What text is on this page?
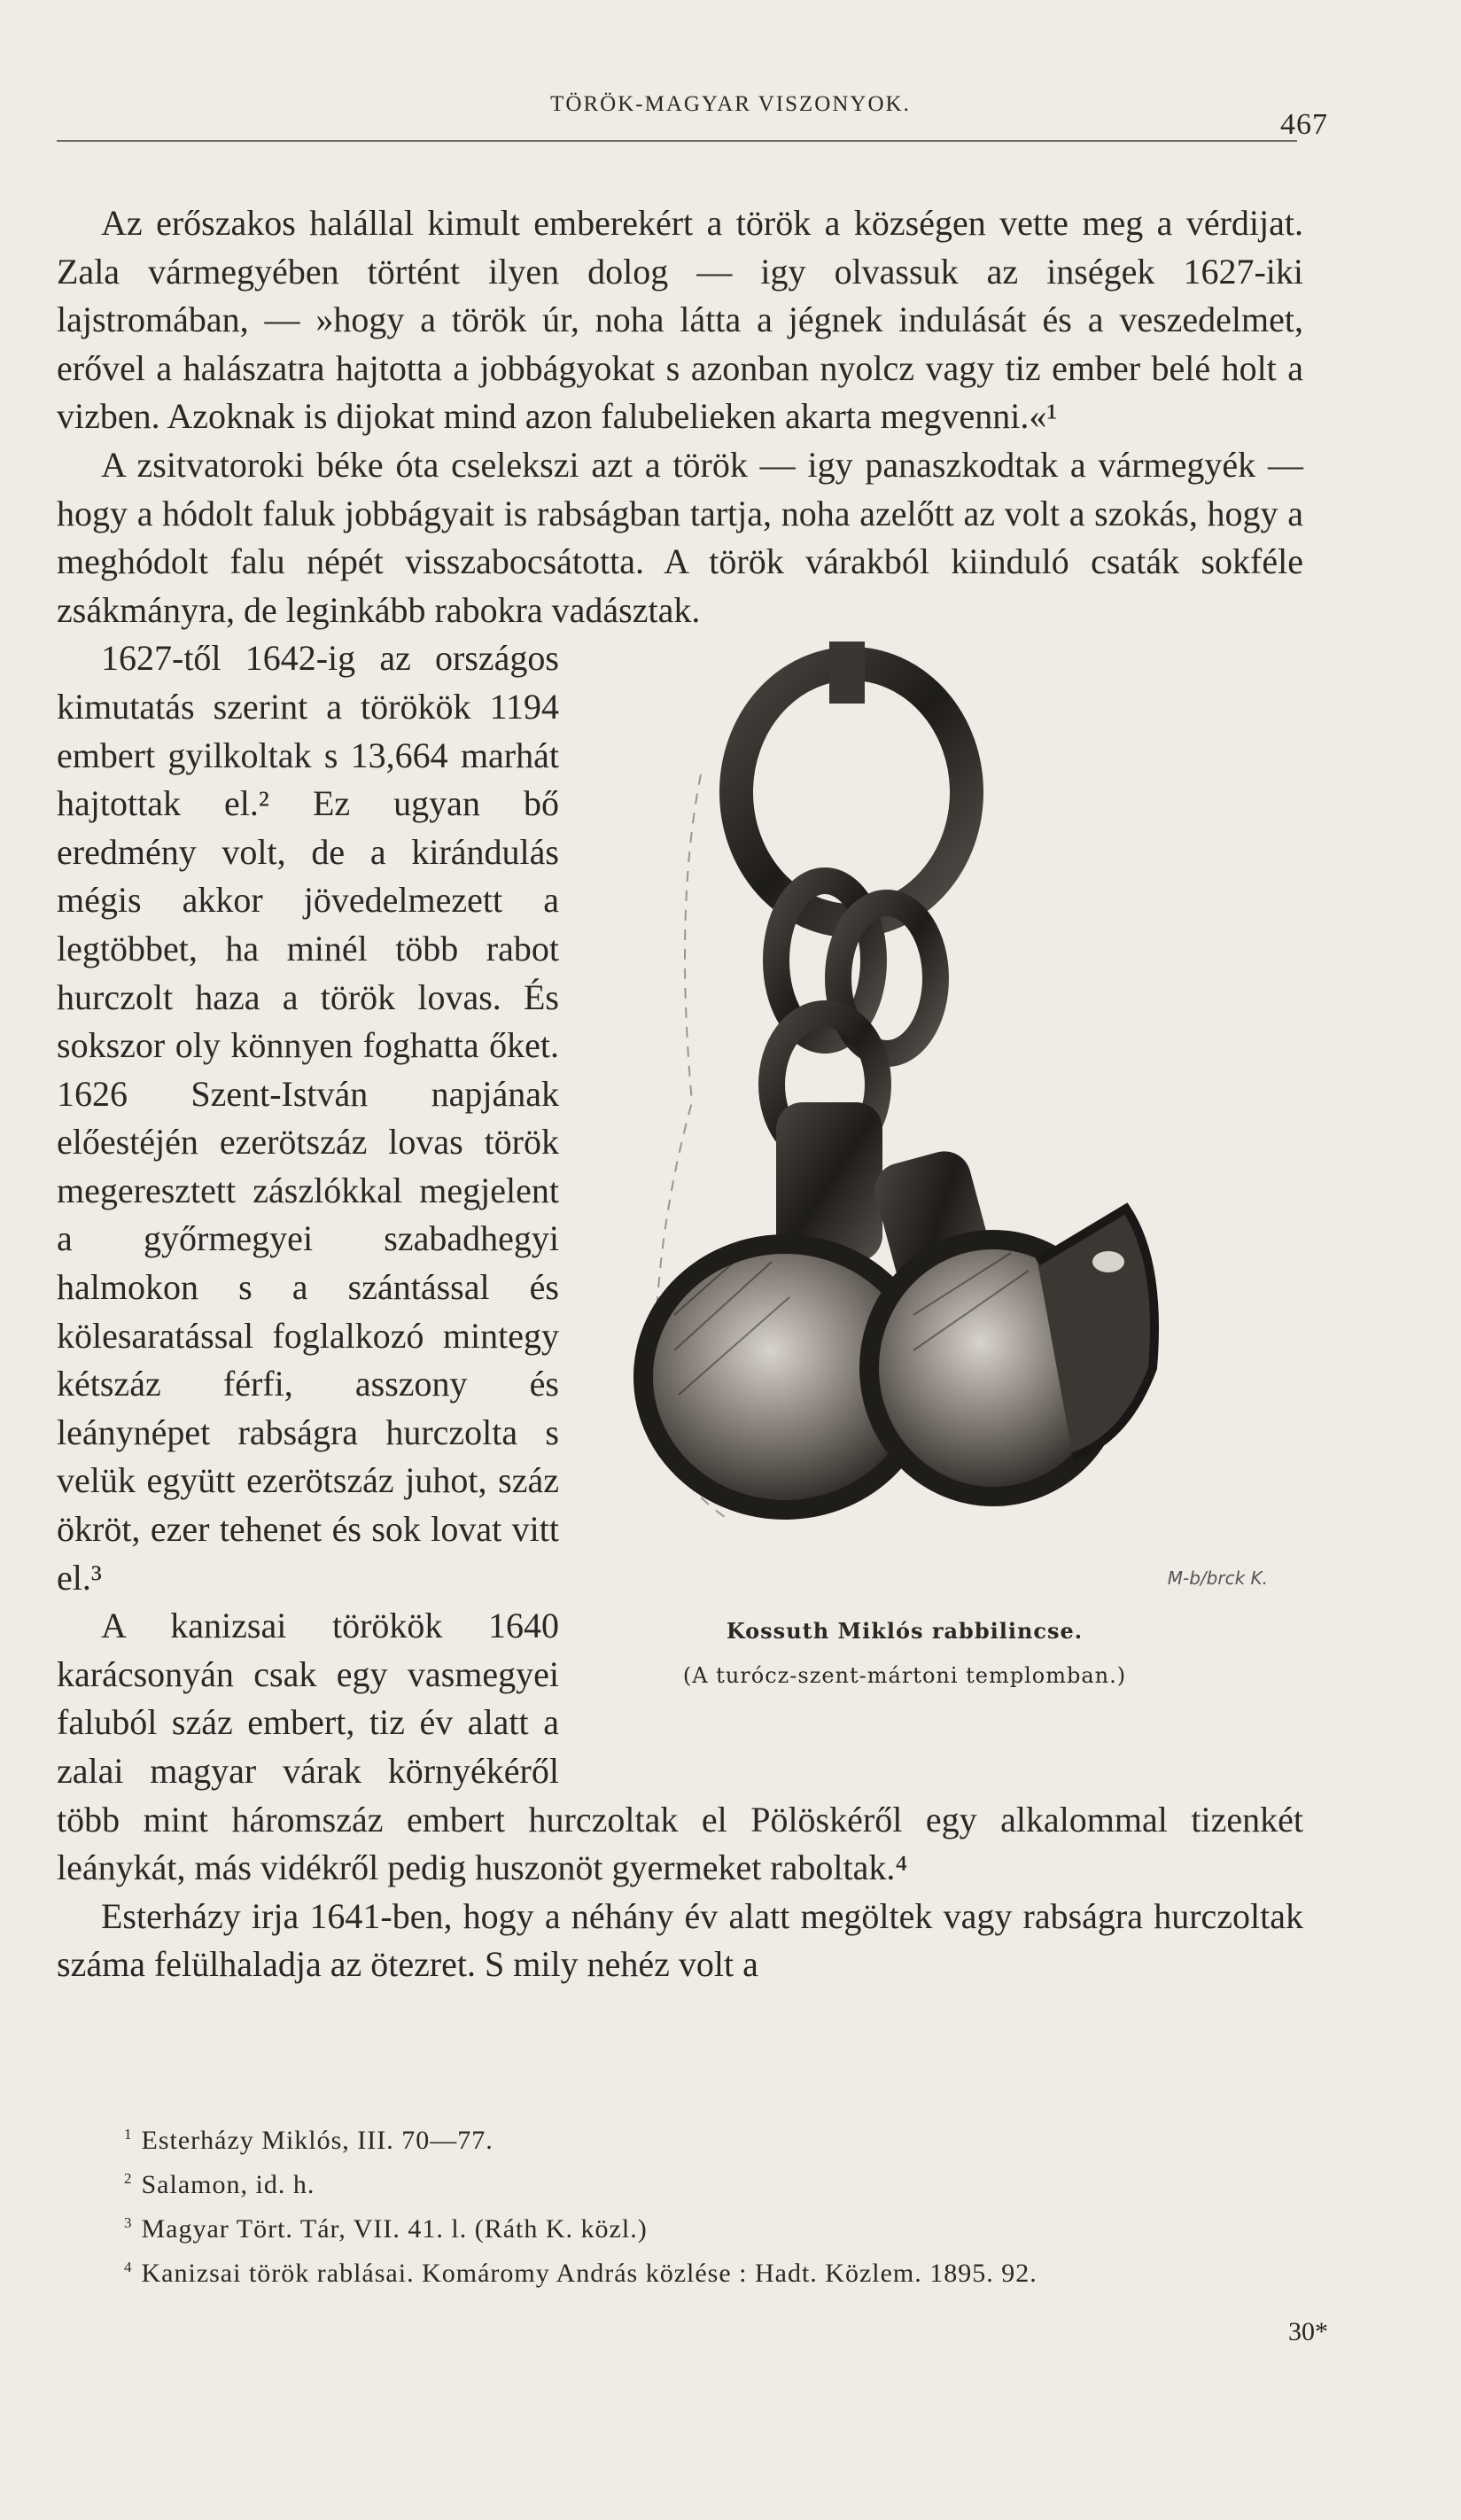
TÖRÖK-MAGYAR VISZONYOK.
467

Az erőszakos halállal kimult emberekért a török a községen vette meg a vérdijat. Zala vármegyében történt ilyen dolog — igy olvassuk az inségek 1627-iki lajstromában, — »hogy a török úr, noha látta a jégnek indulását és a veszedelmet, erővel a halászatra hajtotta a jobbágyokat s azonban nyolcz vagy tiz ember belé holt a vizben. Azoknak is dijokat mind azon falubelieken akarta megvenni.«¹

A zsitvatoroki béke óta cselekszi azt a török — igy panaszkodtak a vármegyék — hogy a hódolt faluk jobbágyait is rabságban tartja, noha azelőtt az volt a szokás, hogy a meghódolt falu népét visszabocsátotta. A török várakból kiinduló csaták sokféle zsákmányra, de leginkább rabokra vadásztak.

M-b/brck K.
Kossuth Miklós rabbilincse.
(A turócz-szent-mártoni templomban.)

1627-től 1642-ig az országos kimutatás szerint a törökök 1194 embert gyilkoltak s 13,664 marhát hajtottak el.² Ez ugyan bő eredmény volt, de a kirándulás mégis akkor jövedelmezett a legtöbbet, ha minél több rabot hurczolt haza a török lovas. És sokszor oly könnyen foghatta őket. 1626 Szent-István napjának előestéjén ezerötszáz lovas török megeresztett zászlókkal megjelent a győrmegyei szabadhegyi halmokon s a szántással és kölesaratással foglalkozó mintegy kétszáz férfi, asszony és leánynépet rabságra hurczolta s velük együtt ezerötszáz juhot, száz ökröt, ezer tehenet és sok lovat vitt el.³

A kanizsai törökök 1640 karácsonyán csak egy vasmegyei faluból száz embert, tiz év alatt a zalai magyar várak környékéről több mint háromszáz embert hurczoltak el Pölöskéről egy alkalommal tizenkét leánykát, más vidékről pedig huszonöt gyermeket raboltak.⁴

Esterházy irja 1641-ben, hogy a néhány év alatt megöltek vagy rabságra hurczoltak száma felülhaladja az ötezret. S mily nehéz volt a

$^1$ Esterházy Miklós, III. 70—77.

$^2$ Salamon, id. h.

$^3$ Magyar Tört. Tár, VII. 41. l. (Ráth K. közl.)

$^4$ Kanizsai török rablásai. Komáromy András közlése : Hadt. Közlem. 1895. 92.

30*
